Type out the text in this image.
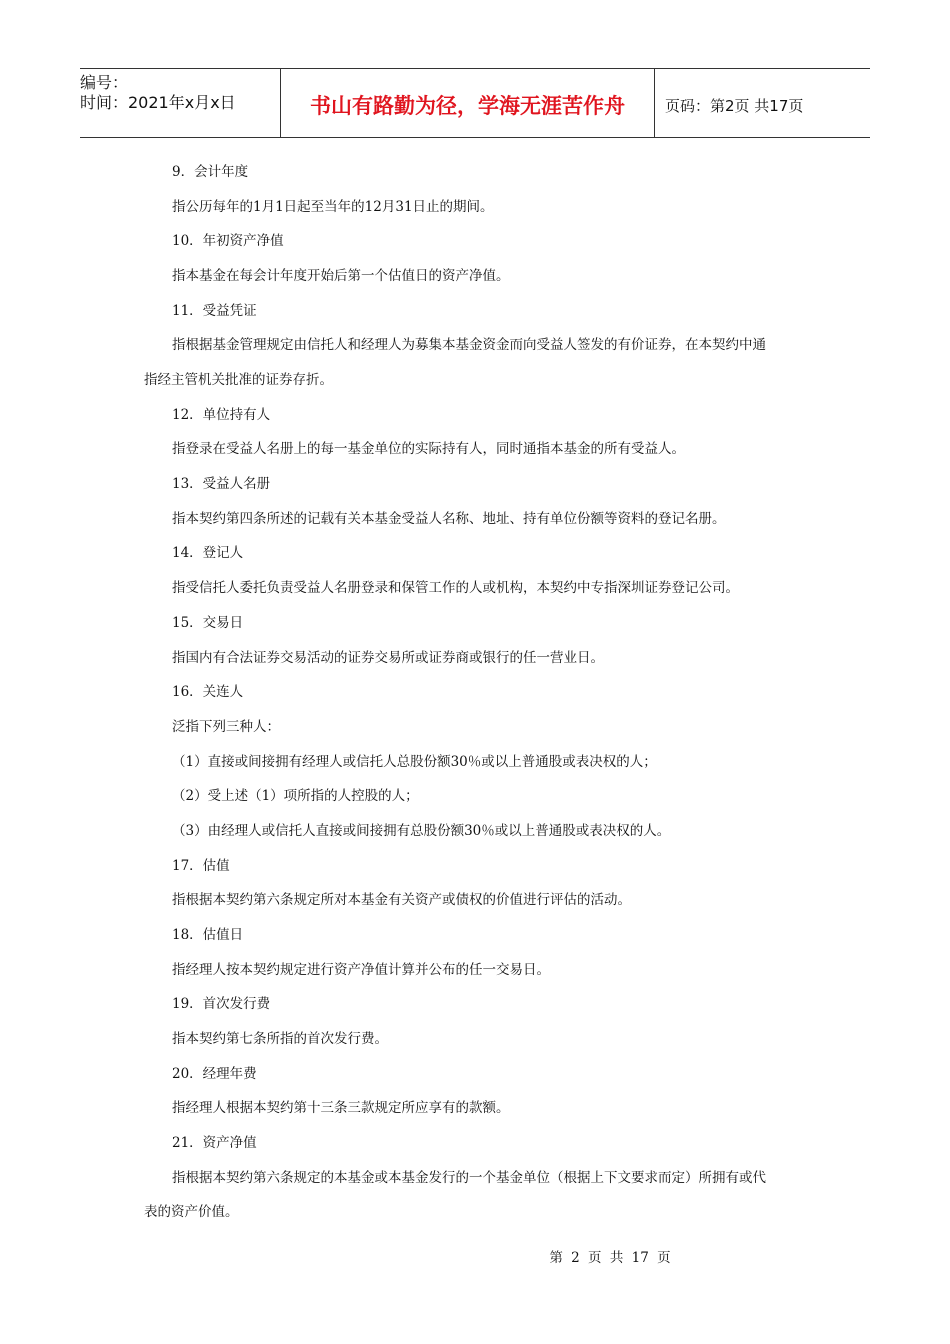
编号：
时间：2021年x月x日	书山有路勤为径，学海无涯苦作舟	页码：第2页 共17页
9．会计年度
指公历每年的1月1日起至当年的12月31日止的期间。
10．年初资产净值
指本基金在每会计年度开始后第一个估值日的资产净值。
11．受益凭证
指根据基金管理规定由信托人和经理人为募集本基金资金而向受益人签发的有价证券，在本契约中通
指经主管机关批准的证券存折。
12．单位持有人
指登录在受益人名册上的每一基金单位的实际持有人，同时通指本基金的所有受益人。
13．受益人名册
指本契约第四条所述的记载有关本基金受益人名称、地址、持有单位份额等资料的登记名册。
14．登记人
指受信托人委托负责受益人名册登录和保管工作的人或机构，本契约中专指深圳证券登记公司。
15．交易日
指国内有合法证券交易活动的证券交易所或证券商或银行的任一营业日。
16．关连人
泛指下列三种人：
（1）直接或间接拥有经理人或信托人总股份额30％或以上普通股或表决权的人；
（2）受上述（1）项所指的人控股的人；
（3）由经理人或信托人直接或间接拥有总股份额30％或以上普通股或表决权的人。
17．估值
指根据本契约第六条规定所对本基金有关资产或债权的价值进行评估的活动。
18．估值日
指经理人按本契约规定进行资产净值计算并公布的任一交易日。
19．首次发行费
指本契约第七条所指的首次发行费。
20．经理年费
指经理人根据本契约第十三条三款规定所应享有的款额。
21．资产净值
指根据本契约第六条规定的本基金或本基金发行的一个基金单位（根据上下文要求而定）所拥有或代
表的资产价值。
第 2 页 共 17 页
